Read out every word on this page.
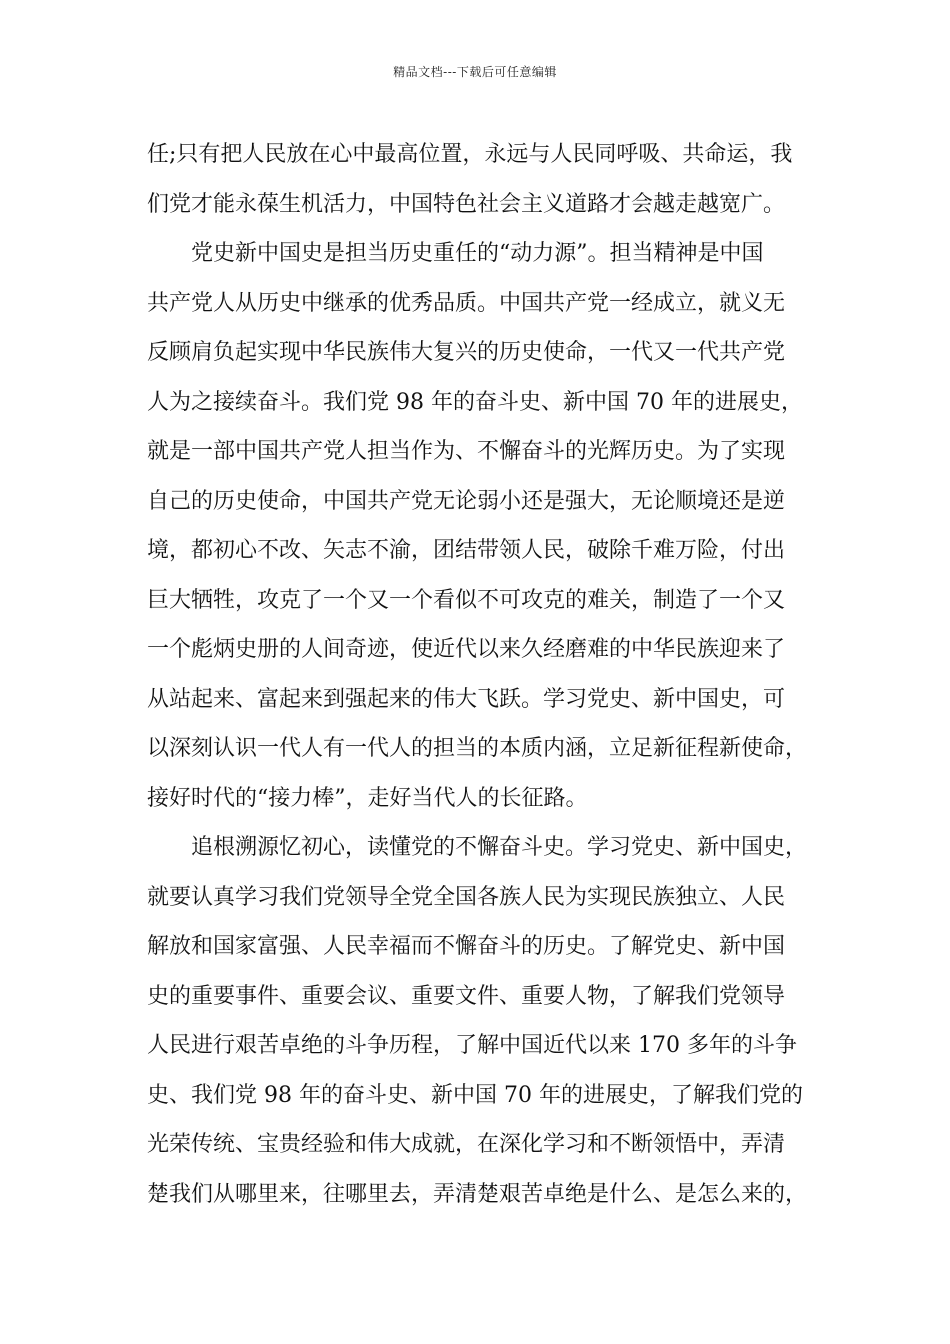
精品文档---下载后可任意编辑
任;只有把人民放在心中最高位置，永远与人民同呼吸、共命运，我
们党才能永葆生机活力，中国特色社会主义道路才会越走越宽广。
党史新中国史是担当历史重任的“动力源”。担当精神是中国
共产党人从历史中继承的优秀品质。中国共产党一经成立，就义无
反顾肩负起实现中华民族伟大复兴的历史使命，一代又一代共产党
人为之接续奋斗。我们党 98 年的奋斗史、新中国 70 年的进展史，
就是一部中国共产党人担当作为、不懈奋斗的光辉历史。为了实现
自己的历史使命，中国共产党无论弱小还是强大，无论顺境还是逆
境，都初心不改、矢志不渝，团结带领人民，破除千难万险，付出
巨大牺牲，攻克了一个又一个看似不可攻克的难关，制造了一个又
一个彪炳史册的人间奇迹，使近代以来久经磨难的中华民族迎来了
从站起来、富起来到强起来的伟大飞跃。学习党史、新中国史，可
以深刻认识一代人有一代人的担当的本质内涵，立足新征程新使命，
接好时代的“接力棒”，走好当代人的长征路。
追根溯源忆初心，读懂党的不懈奋斗史。学习党史、新中国史，
就要认真学习我们党领导全党全国各族人民为实现民族独立、人民
解放和国家富强、人民幸福而不懈奋斗的历史。了解党史、新中国
史的重要事件、重要会议、重要文件、重要人物，了解我们党领导
人民进行艰苦卓绝的斗争历程，了解中国近代以来 170 多年的斗争
史、我们党 98 年的奋斗史、新中国 70 年的进展史，了解我们党的
光荣传统、宝贵经验和伟大成就，在深化学习和不断领悟中，弄清
楚我们从哪里来，往哪里去，弄清楚艰苦卓绝是什么、是怎么来的，
